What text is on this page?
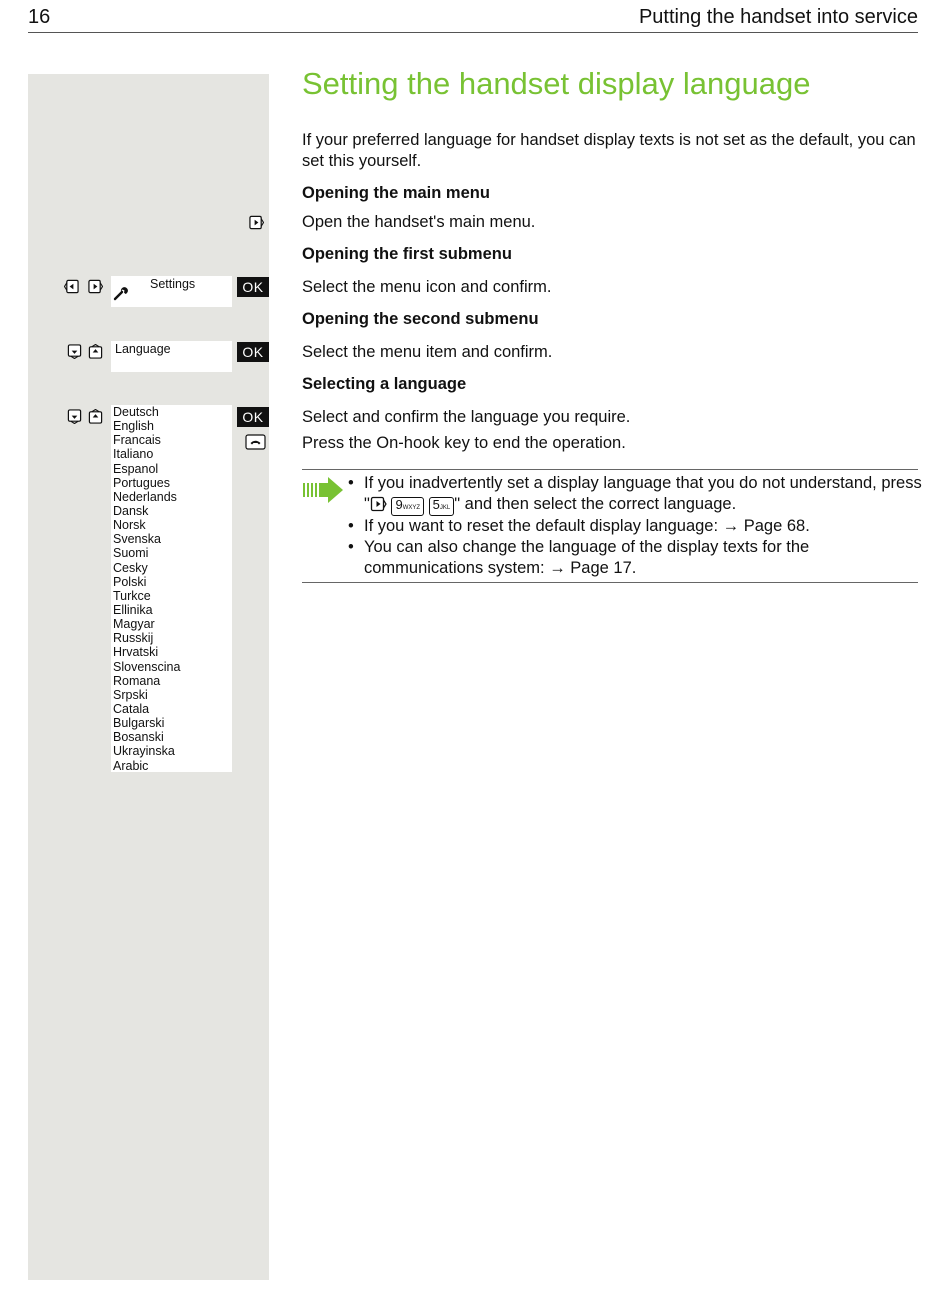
16	Putting the handset into service
Setting the handset display language
If your preferred language for handset display texts is not set as the default, you can set this yourself.
Opening the main menu
Open the handset's main menu.
Opening the first submenu
Settings	OK	Select the menu icon and confirm.
Opening the second submenu
Language	OK	Select the menu item and confirm.
Selecting a language
Deutsch
English
Francais
Italiano
Espanol
Portugues
Nederlands
Dansk
Norsk
Svenska
Suomi
Cesky
Polski
Turkce
Ellinika
Magyar
Russkij
Hrvatski
Slovenscina
Romana
Srpski
Catala
Bulgarski
Bosanski
Ukrayinska
Arabic
OK	Select and confirm the language you require.
Press the On-hook key to end the operation.
• If you inadvertently set a display language that you do not understand, press " 9WXYZ 5JKL " and then select the correct language.
• If you want to reset the default display language: → Page 68.
• You can also change the language of the display texts for the communications system: → Page 17.
